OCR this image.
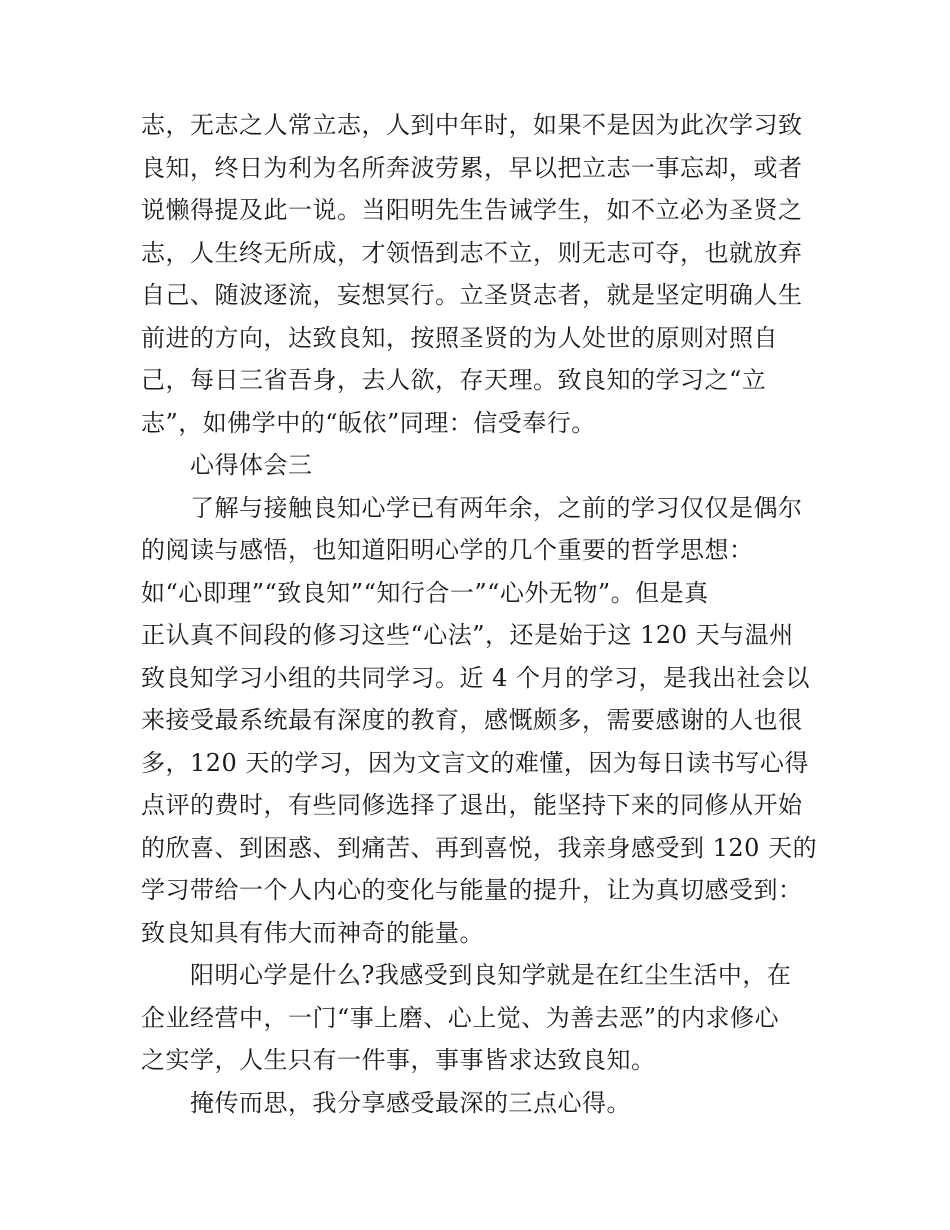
志，无志之人常立志，人到中年时，如果不是因为此次学习致
良知，终日为利为名所奔波劳累，早以把立志一事忘却，或者
说懒得提及此一说。当阳明先生告诫学生，如不立必为圣贤之
志，人生终无所成，才领悟到志不立，则无志可夺，也就放弃
自己、随波逐流，妄想冥行。立圣贤志者，就是坚定明确人生
前进的方向，达致良知，按照圣贤的为人处世的原则对照自
己，每日三省吾身，去人欲，存天理。致良知的学习之“立
志”，如佛学中的“皈依”同理：信受奉行。
心得体会三
了解与接触良知心学已有两年余，之前的学习仅仅是偶尔
的阅读与感悟，也知道阳明心学的几个重要的哲学思想：
如“心即理”“致良知”“知行合一”“心外无物”。但是真
正认真不间段的修习这些“心法”，还是始于这 120 天与温州
致良知学习小组的共同学习。近 4 个月的学习，是我出社会以
来接受最系统最有深度的教育，感慨颇多，需要感谢的人也很
多，120 天的学习，因为文言文的难懂，因为每日读书写心得
点评的费时，有些同修选择了退出，能坚持下来的同修从开始
的欣喜、到困惑、到痛苦、再到喜悦，我亲身感受到 120 天的
学习带给一个人内心的变化与能量的提升，让为真切感受到：
致良知具有伟大而神奇的能量。
阳明心学是什么?我感受到良知学就是在红尘生活中，在
企业经营中，一门“事上磨、心上觉、为善去恶”的内求修心
之实学，人生只有一件事，事事皆求达致良知。
掩传而思，我分享感受最深的三点心得。
